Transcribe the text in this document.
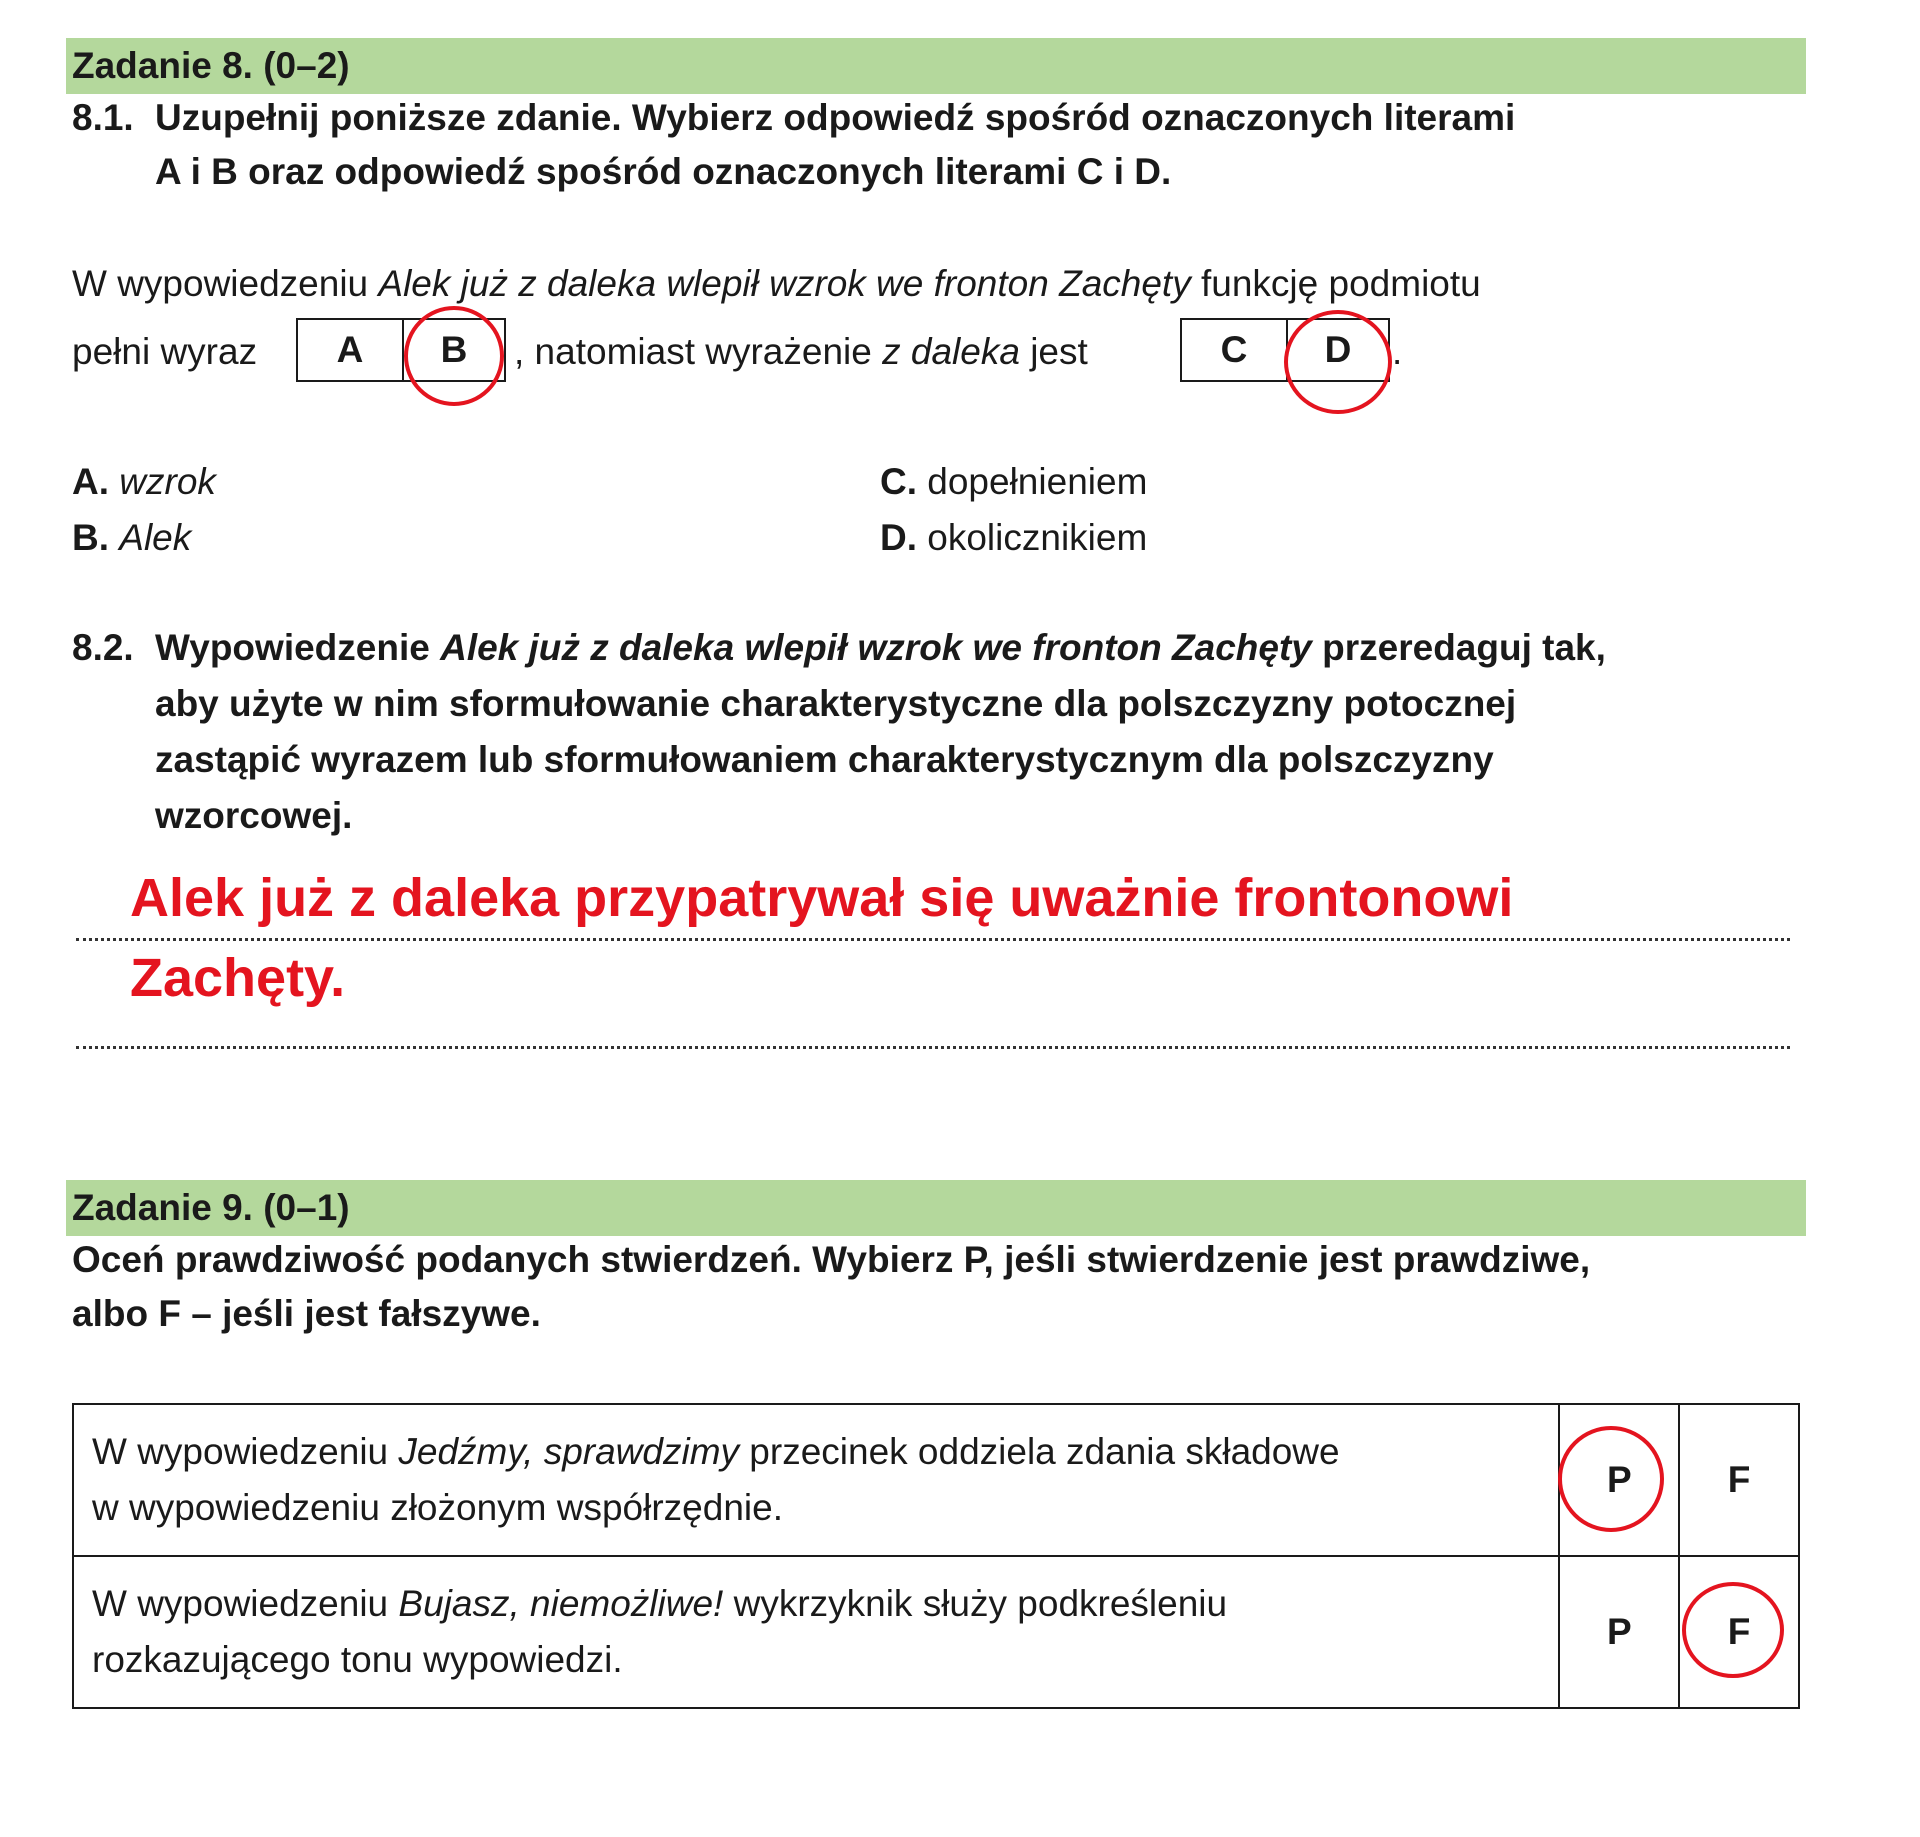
Zadanie 8. (0–2)
8.1. Uzupełnij poniższe zdanie. Wybierz odpowiedź spośród oznaczonych literami
A i B oraz odpowiedź spośród oznaczonych literami C i D.
W wypowiedzeniu Alek już z daleka wlepił wzrok we fronton Zachęty funkcję podmiotu
pełni wyraz	A	B	, natomiast wyrażenie z daleka jest	C	D	.
A. wzrok
B. Alek
C. dopełnieniem
D. okolicznikiem
8.2. Wypowiedzenie Alek już z daleka wlepił wzrok we fronton Zachęty przeredaguj tak,
aby użyte w nim sformułowanie charakterystyczne dla polszczyzny potocznej
zastąpić wyrazem lub sformułowaniem charakterystycznym dla polszczyzny
wzorcowej.
Alek już z daleka przypatrywał się uważnie frontonowi
Zachęty.
Zadanie 9. (0–1)
Oceń prawdziwość podanych stwierdzeń. Wybierz P, jeśli stwierdzenie jest prawdziwe,
albo F – jeśli jest fałszywe.
W wypowiedzeniu Jedźmy, sprawdzimy przecinek oddziela zdania składowe
w wypowiedzeniu złożonym współrzędnie.	P	F
W wypowiedzeniu Bujasz, niemożliwe! wykrzyknik służy podkreśleniu
rozkazującego tonu wypowiedzi.	P	F
